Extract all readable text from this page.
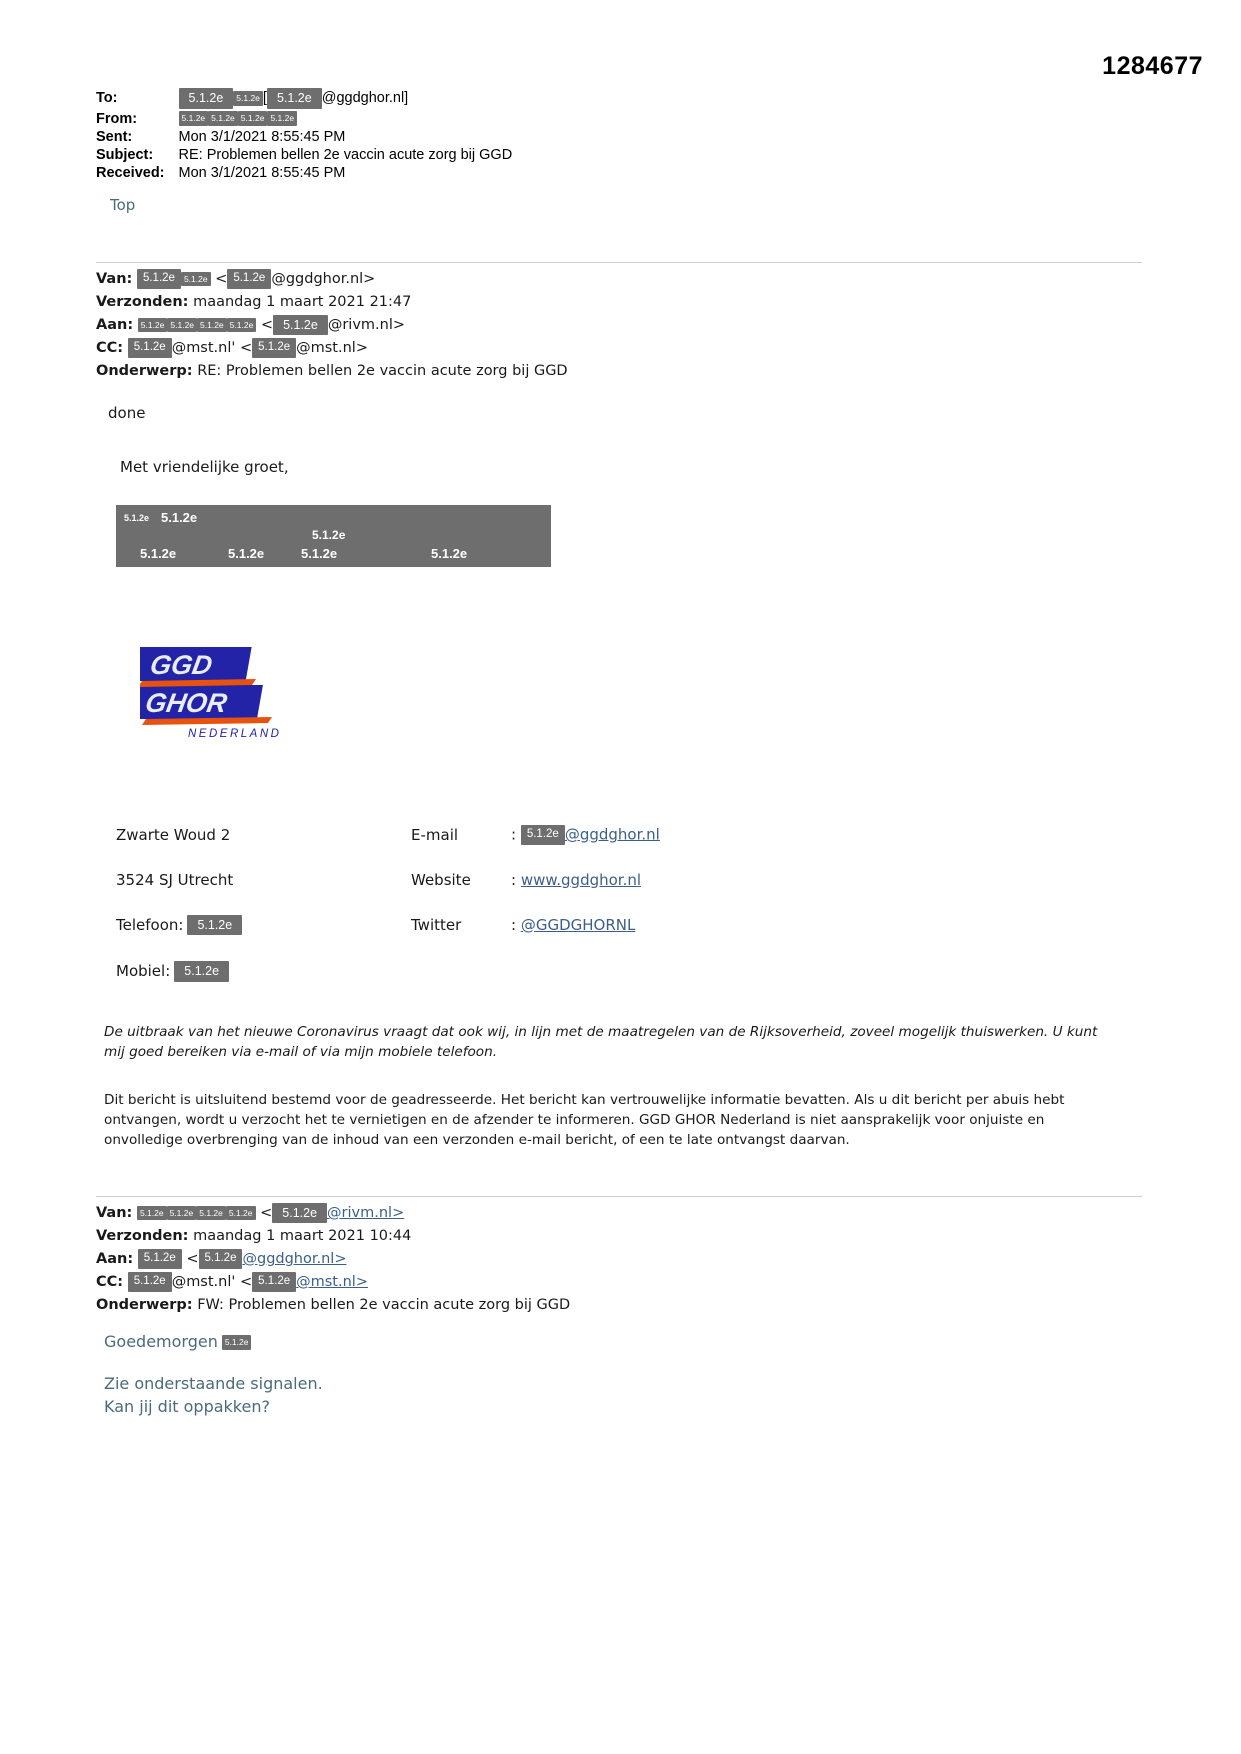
1284677
To:	5.1.2e 5.1.2e [ 5.1.2e @ggdghor.nl]
From:	5.1.2e 5.1.2e 5.1.2e 5.1.2e
Sent:	Mon 3/1/2021 8:55:45 PM
Subject:	RE: Problemen bellen 2e vaccin acute zorg bij GGD
Received:	Mon 3/1/2021 8:55:45 PM
Top
Van: 5.1.2e 5.1.2e < 5.1.2e @ggdghor.nl>
Verzonden: maandag 1 maart 2021 21:47
Aan: 5.1.2e 5.1.2e 5.1.2e 5.1.2e < 5.1.2e @rivm.nl>
CC: 5.1.2e @mst.nl' < 5.1.2e @mst.nl>
Onderwerp: RE: Problemen bellen 2e vaccin acute zorg bij GGD
done
Met vriendelijke groet,
5.1.2e 5.1.2e
5.1.2e
5.1.2e	5.1.2e	5.1.2e	5.1.2e
GGD
GHOR
NEDERLAND
Zwarte Woud 2	E-mail	: 5.1.2e @ggdghor.nl
3524 SJ Utrecht	Website	: www.ggdghor.nl
Telefoon: 5.1.2e	Twitter	: @GGDGHORNL
Mobiel: 5.1.2e
De uitbraak van het nieuwe Coronavirus vraagt dat ook wij, in lijn met de maatregelen van de Rijksoverheid, zoveel mogelijk thuiswerken. U kunt mij goed bereiken via e-mail of via mijn mobiele telefoon.
Dit bericht is uitsluitend bestemd voor de geadresseerde. Het bericht kan vertrouwelijke informatie bevatten. Als u dit bericht per abuis hebt ontvangen, wordt u verzocht het te vernietigen en de afzender te informeren. GGD GHOR Nederland is niet aansprakelijk voor onjuiste en onvolledige overbrenging van de inhoud van een verzonden e-mail bericht, of een te late ontvangst daarvan.
Van: 5.1.2e 5.1.2e 5.1.2e 5.1.2e < 5.1.2e @rivm.nl>
Verzonden: maandag 1 maart 2021 10:44
Aan: 5.1.2e < 5.1.2e @ggdghor.nl>
CC: 5.1.2e @mst.nl' < 5.1.2e @mst.nl>
Onderwerp: FW: Problemen bellen 2e vaccin acute zorg bij GGD
Goedemorgen 5.1.2e
Zie onderstaande signalen.
Kan jij dit oppakken?
